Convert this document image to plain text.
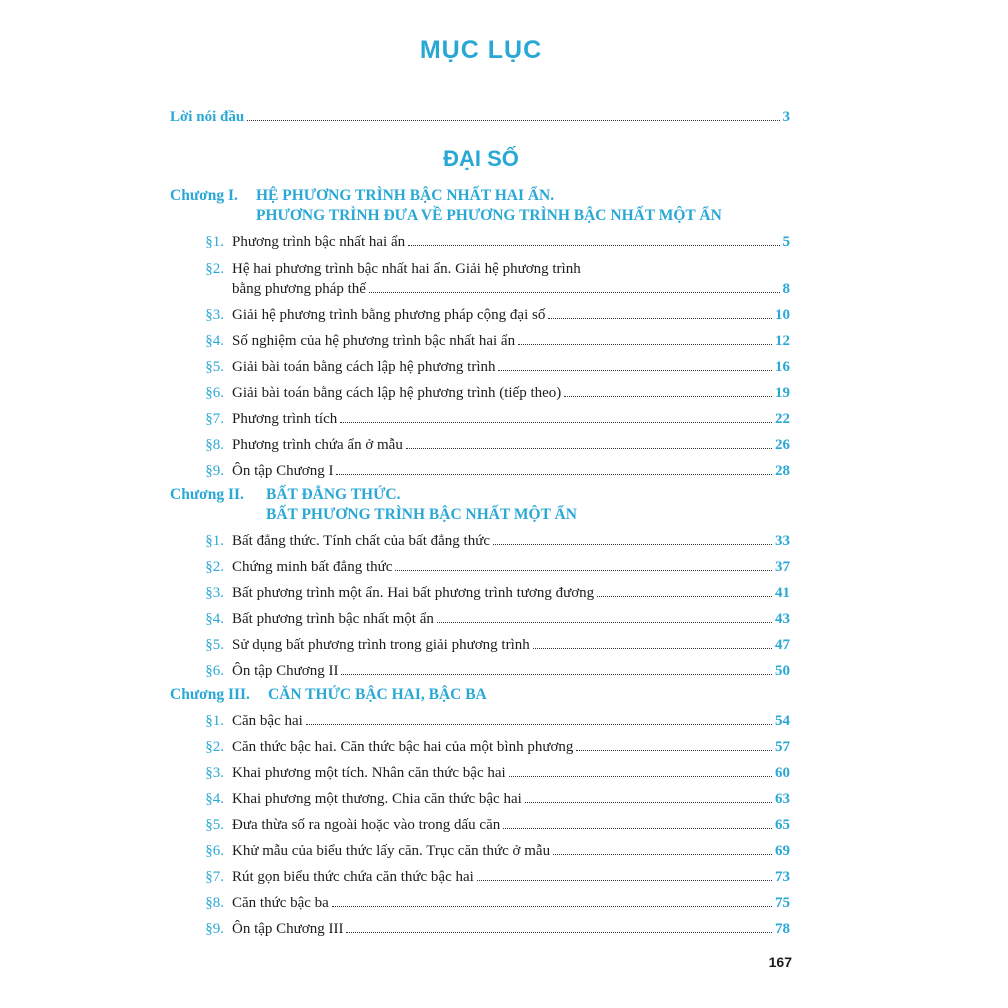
MỤC LỤC
Lời nói đầu	3
ĐẠI SỐ
Chương I. HỆ PHƯƠNG TRÌNH BẬC NHẤT HAI ẨN.
PHƯƠNG TRÌNH ĐƯA VỀ PHƯƠNG TRÌNH BẬC NHẤT MỘT ẨN
§1. Phương trình bậc nhất hai ẩn	5
§2. Hệ hai phương trình bậc nhất hai ẩn. Giải hệ phương trình
bằng phương pháp thế	8
§3. Giải hệ phương trình bằng phương pháp cộng đại số	10
§4. Số nghiệm của hệ phương trình bậc nhất hai ẩn	12
§5. Giải bài toán bằng cách lập hệ phương trình	16
§6. Giải bài toán bằng cách lập hệ phương trình (tiếp theo)	19
§7. Phương trình tích	22
§8. Phương trình chứa ẩn ở mẫu	26
§9. Ôn tập Chương I	28
Chương II. BẤT ĐẲNG THỨC.
BẤT PHƯƠNG TRÌNH BẬC NHẤT MỘT ẨN
§1. Bất đẳng thức. Tính chất của bất đẳng thức	33
§2. Chứng minh bất đẳng thức	37
§3. Bất phương trình một ẩn. Hai bất phương trình tương đương	41
§4. Bất phương trình bậc nhất một ẩn	43
§5. Sử dụng bất phương trình trong giải phương trình	47
§6. Ôn tập Chương II	50
Chương III. CĂN THỨC BẬC HAI, BẬC BA
§1. Căn bậc hai	54
§2. Căn thức bậc hai. Căn thức bậc hai của một bình phương	57
§3. Khai phương một tích. Nhân căn thức bậc hai	60
§4. Khai phương một thương. Chia căn thức bậc hai	63
§5. Đưa thừa số ra ngoài hoặc vào trong dấu căn	65
§6. Khử mẫu của biểu thức lấy căn. Trục căn thức ở mẫu	69
§7. Rút gọn biểu thức chứa căn thức bậc hai	73
§8. Căn thức bậc ba	75
§9. Ôn tập Chương III	78
167
